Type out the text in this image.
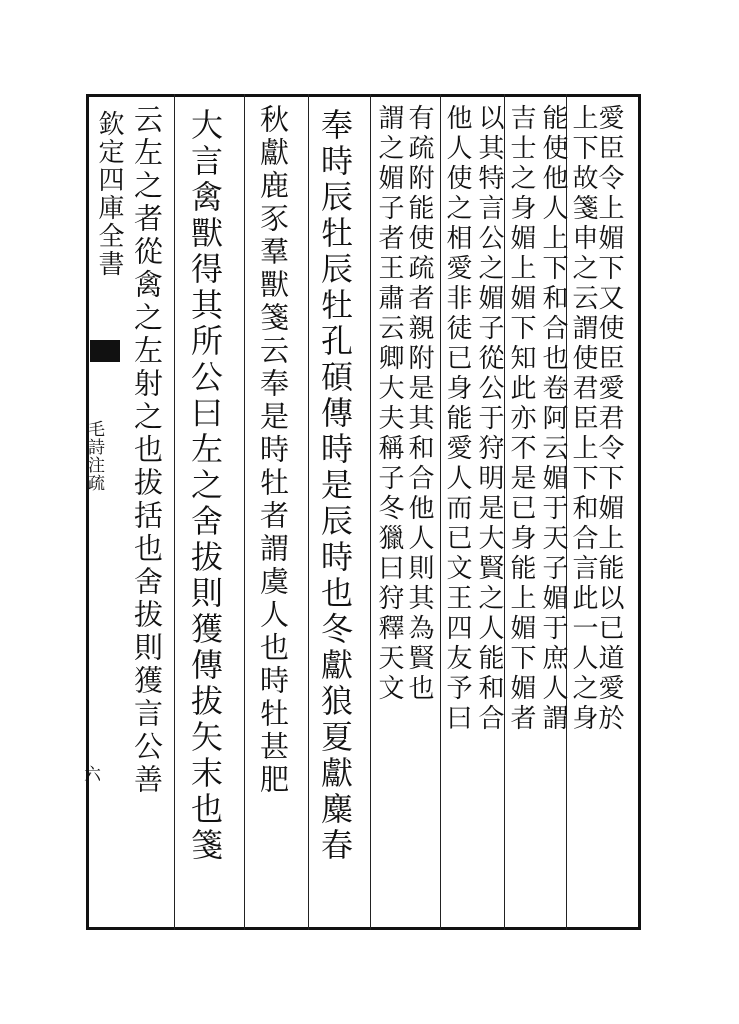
欽定四庫全書
毛詩注疏
六
愛臣令上媚下又使臣愛君令下媚上能以已道愛於
上下故箋申之云謂使君臣上下和合言此一人之身
能使他人上下和合也卷阿云媚于天子媚于庶人謂
吉士之身媚上媚下知此亦不是已身能上媚下媚者
以其特言公之媚子從公于狩明是大賢之人能和合
他人使之相愛非徒已身能愛人而已文王四友予曰
有疏附能使疏者親附是其和合他人則其為賢也
謂之媚子者王肅云卿大夫稱子冬獵曰狩釋天文
奉時辰牡辰牡孔碩傳時是辰時也冬獻狼夏獻麋春
秋獻鹿豕羣獸箋云奉是時牡者謂虞人也時牡甚肥
大言禽獸得其所公曰左之舍拔則獲傳拔矢末也箋
云左之者從禽之左射之也拔括也舍拔則獲言公善
